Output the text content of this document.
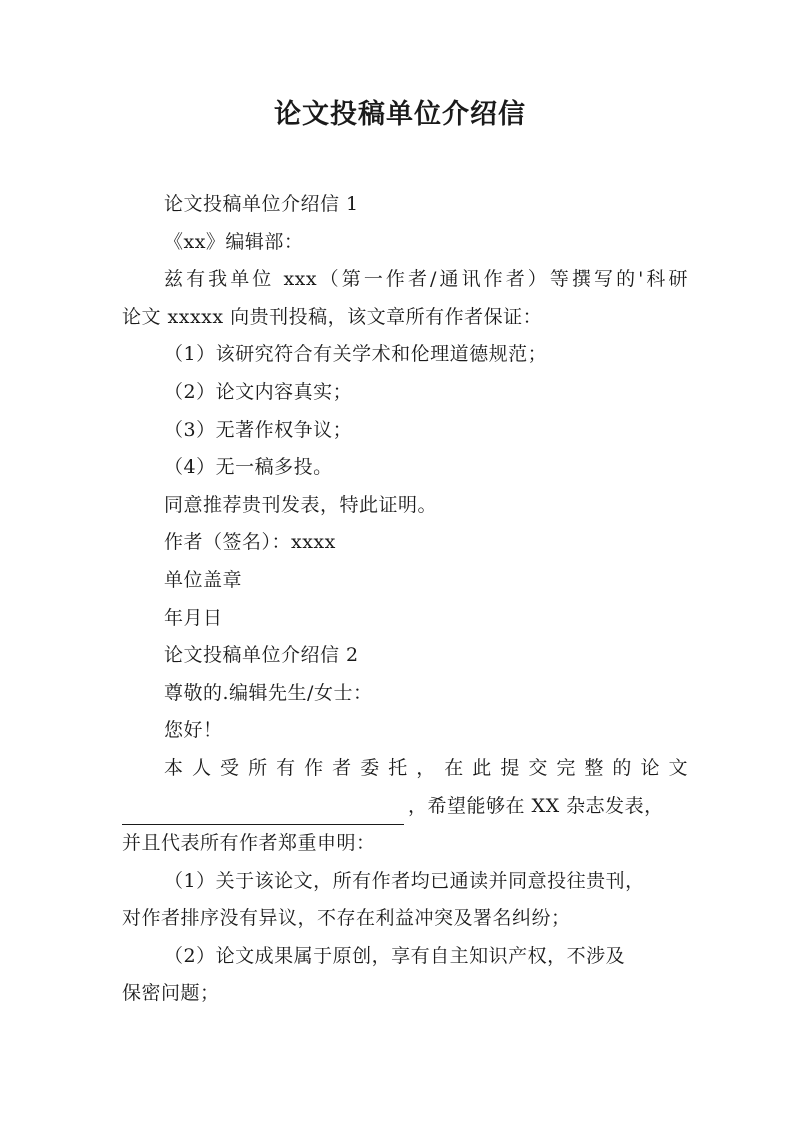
论文投稿单位介绍信
论文投稿单位介绍信 1
《xx》编辑部：
兹有我单位 xxx（第一作者/通讯作者）等撰写的'科研
论文 xxxxx 向贵刊投稿，该文章所有作者保证：
（1）该研究符合有关学术和伦理道德规范；
（2）论文内容真实；
（3）无著作权争议；
（4）无一稿多投。
同意推荐贵刊发表，特此证明。
作者（签名）：xxxx
单位盖章
年月日
论文投稿单位介绍信 2
尊敬的.编辑先生/女士：
您好！
本人受所有作者委托，在此提交完整的论文
，希望能够在 XX 杂志发表，
并且代表所有作者郑重申明：
（1）关于该论文，所有作者均已通读并同意投往贵刊，
对作者排序没有异议，不存在利益冲突及署名纠纷；
（2）论文成果属于原创，享有自主知识产权，不涉及
保密问题；
